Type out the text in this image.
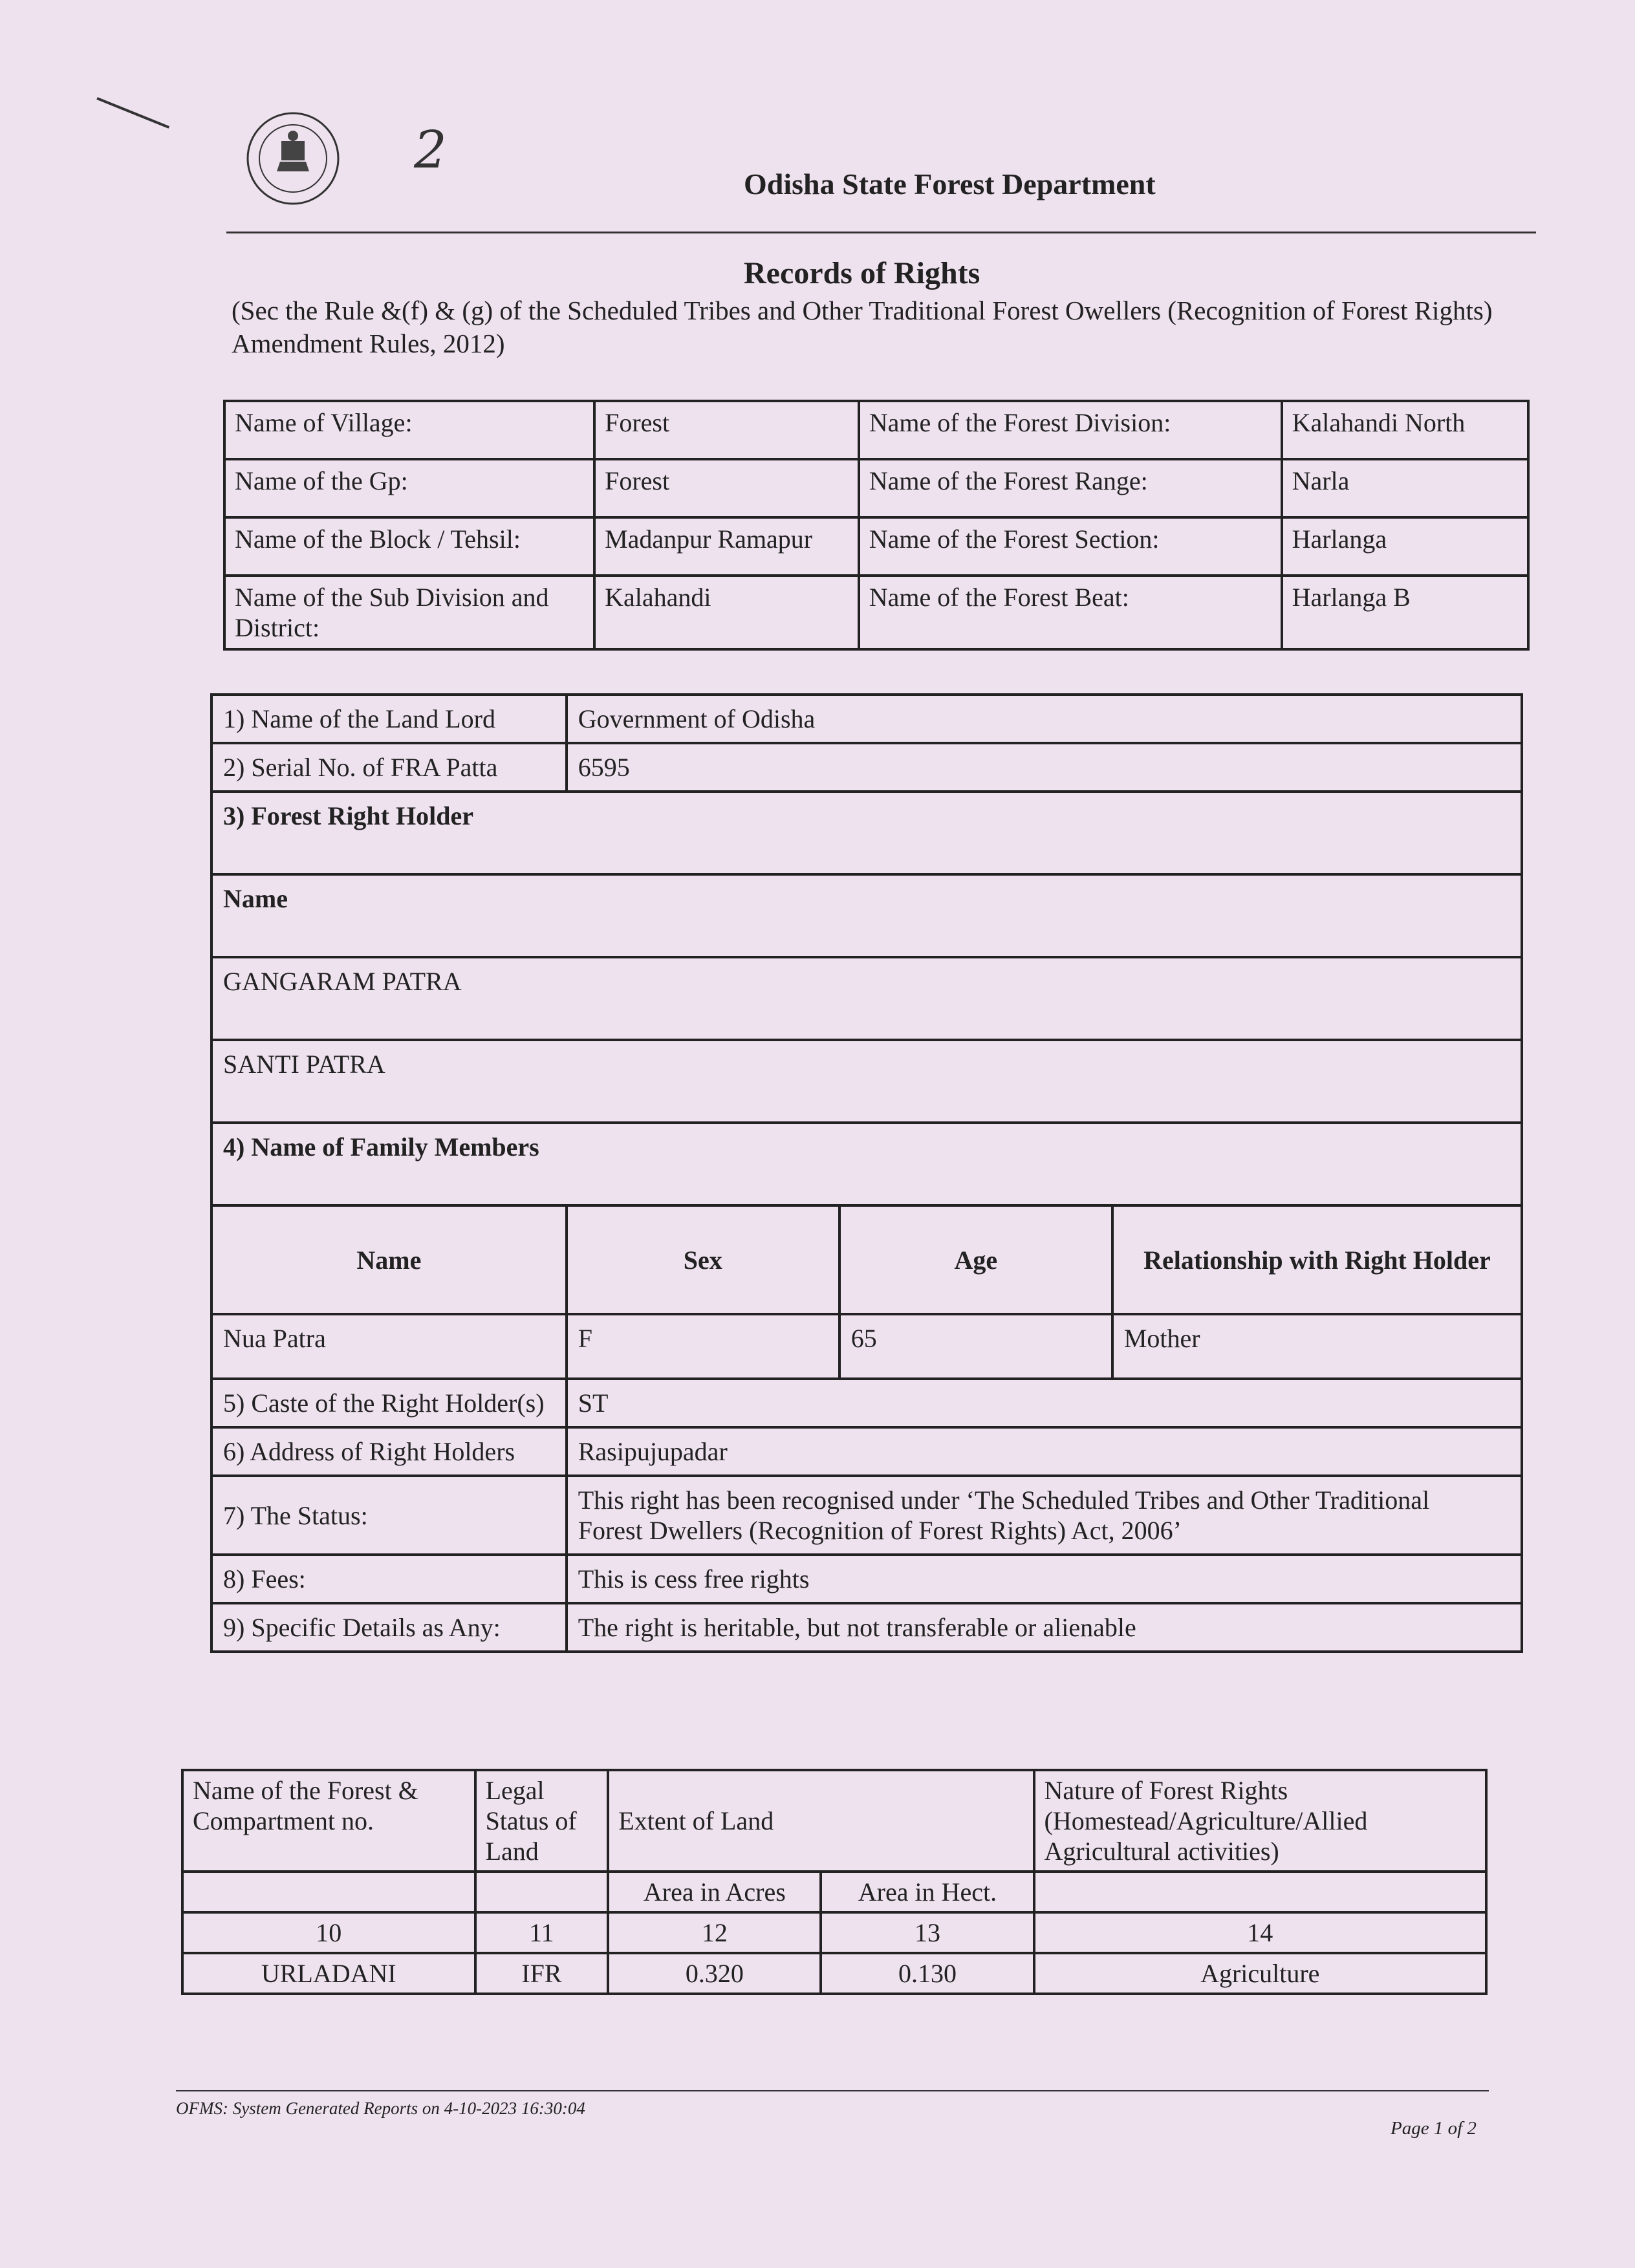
2
Odisha State Forest Department
Records of Rights
(Sec the Rule &(f) & (g) of the Scheduled Tribes and Other Traditional Forest Owellers (Recognition of Forest Rights) Amendment Rules, 2012)
Name of Village:	Forest	Name of the Forest Division:	Kalahandi North
Name of the Gp:	Forest	Name of the Forest Range:	Narla
Name of the Block / Tehsil:	Madanpur Ramapur	Name of the Forest Section:	Harlanga
Name of the Sub Division and District:	Kalahandi	Name of the Forest Beat:	Harlanga B
1) Name of the Land Lord	Government of Odisha		
2) Serial No. of FRA Patta	6595		
3) Forest Right Holder			
Name			
GANGARAM PATRA			
SANTI PATRA			
4) Name of Family Members			
Name	Sex	Age	Relationship with Right Holder
Nua Patra	F	65	Mother
5) Caste of the Right Holder(s)	ST		
6) Address of Right Holders	Rasipujupadar		
7) The Status:	This right has been recognised under ‘The Scheduled Tribes and Other Traditional
Forest Dwellers (Recognition of Forest Rights) Act, 2006’		

8) Fees:	This is cess free rights		
9) Specific Details as Any:	The right is heritable, but not transferable or alienable		
Name of the Forest & Compartment no.	Legal Status of Land	Extent of Land		Nature of Forest Rights (Homestead/Agriculture/Allied Agricultural activities)
		Area in Acres	Area in Hect.	
10	11	12	13	14
URLADANI	IFR	0.320	0.130	Agriculture
OFMS: System Generated Reports on 4-10-2023 16:30:04
Page 1 of 2
